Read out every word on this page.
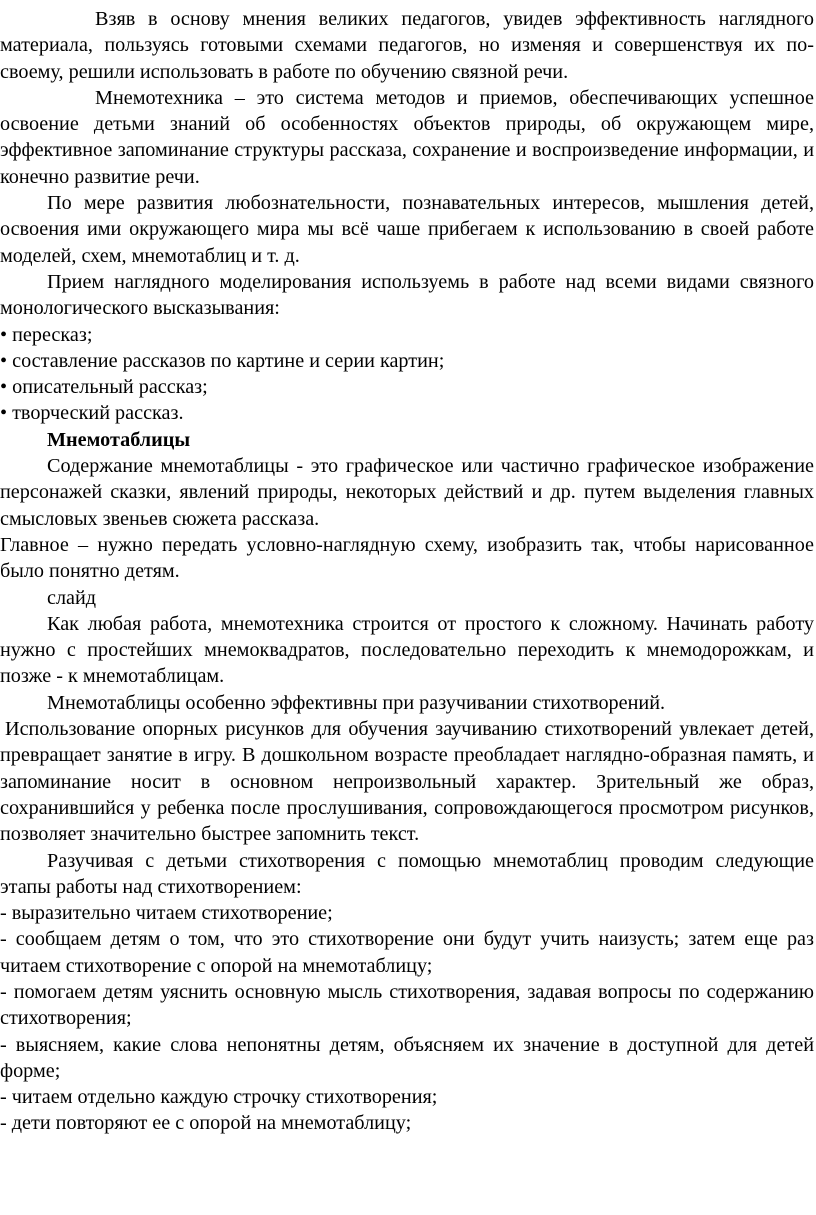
Взяв в основу мнения великих педагогов, увидев эффективность наглядного материала, пользуясь готовыми схемами педагогов, но изменяя и совершенствуя их по-своему, решили использовать в работе по обучению связной речи.

Мнемотехника – это система методов и приемов, обеспечивающих успешное освоение детьми знаний об особенностях объектов природы, об окружающем мире, эффективное запоминание структуры рассказа, сохранение и воспроизведение информации, и конечно развитие речи.

По мере развития любознательности, познавательных интересов, мышления детей, освоения ими окружающего мира мы всё чаше прибегаем к использованию в своей работе моделей, схем, мнемотаблиц и т. д.

Прием наглядного моделирования используемь в работе над всеми видами связного монологического высказывания:

• пересказ;

• составление рассказов по картине и серии картин;

• описательный рассказ;

• творческий рассказ.

Мнемотаблицы

Содержание мнемотаблицы - это графическое или частично графическое изображение персонажей сказки, явлений природы, некоторых действий и др. путем выделения главных смысловых звеньев сюжета рассказа.

Главное – нужно передать условно-наглядную схему, изобразить так, чтобы нарисованное было понятно детям.

слайд

Как любая работа, мнемотехника строится от простого к сложному. Начинать работу нужно с простейших мнемоквадратов, последовательно переходить к мнемодорожкам, и позже - к мнемотаблицам.

Мнемотаблицы особенно эффективны при разучивании стихотворений.

Использование опорных рисунков для обучения заучиванию стихотворений увлекает детей, превращает занятие в игру. В дошкольном возрасте преобладает наглядно-образная память, и запоминание носит в основном непроизвольный характер. Зрительный же образ, сохранившийся у ребенка после прослушивания, сопровождающегося просмотром рисунков, позволяет значительно быстрее запомнить текст.

Разучивая с детьми стихотворения с помощью мнемотаблиц проводим следующие этапы работы над стихотворением:

- выразительно читаем стихотворение;

- сообщаем детям о том, что это стихотворение они будут учить наизусть; затем еще раз читаем стихотворение с опорой на мнемотаблицу;

- помогаем детям уяснить основную мысль стихотворения, задавая вопросы по содержанию стихотворения;

- выясняем, какие слова непонятны детям, объясняем их значение в доступной для детей форме;

- читаем отдельно каждую строчку стихотворения;

- дети повторяют ее с опорой на мнемотаблицу;
